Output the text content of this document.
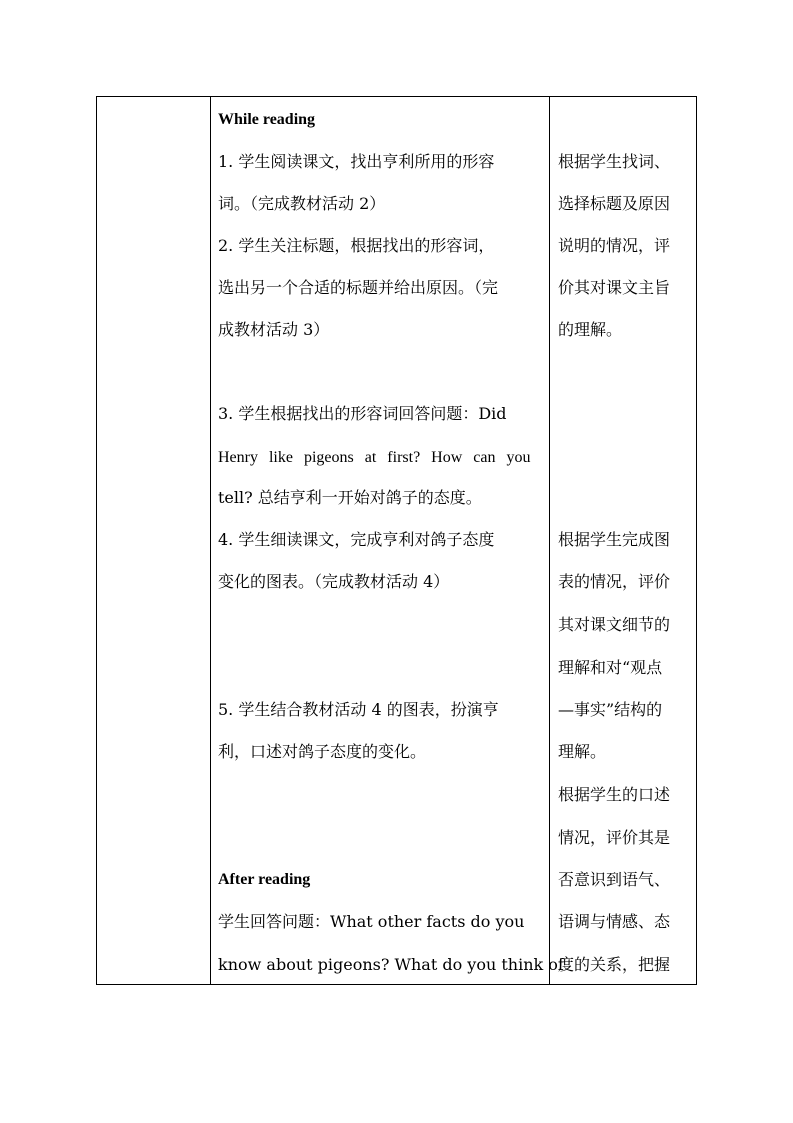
While reading
1. 学生阅读课文，找出亨利所用的形容
词。（完成教材活动 2）
2. 学生关注标题，根据找出的形容词，
选出另一个合适的标题并给出原因。（完
成教材活动 3）
3. 学生根据找出的形容词回答问题：Did
Henry like pigeons at first? How can you
tell? 总结亨利一开始对鸽子的态度。
4. 学生细读课文，完成亨利对鸽子态度
变化的图表。（完成教材活动 4）
5. 学生结合教材活动 4 的图表，扮演亨
利，口述对鸽子态度的变化。
After reading
学生回答问题：What other facts do you
know about pigeons? What do you think of
根据学生找词、
选择标题及原因
说明的情况，评
价其对课文主旨
的理解。
根据学生完成图
表的情况，评价
其对课文细节的
理解和对“观点
—事实”结构的
理解。
根据学生的口述
情况，评价其是
否意识到语气、
语调与情感、态
度的关系，把握
